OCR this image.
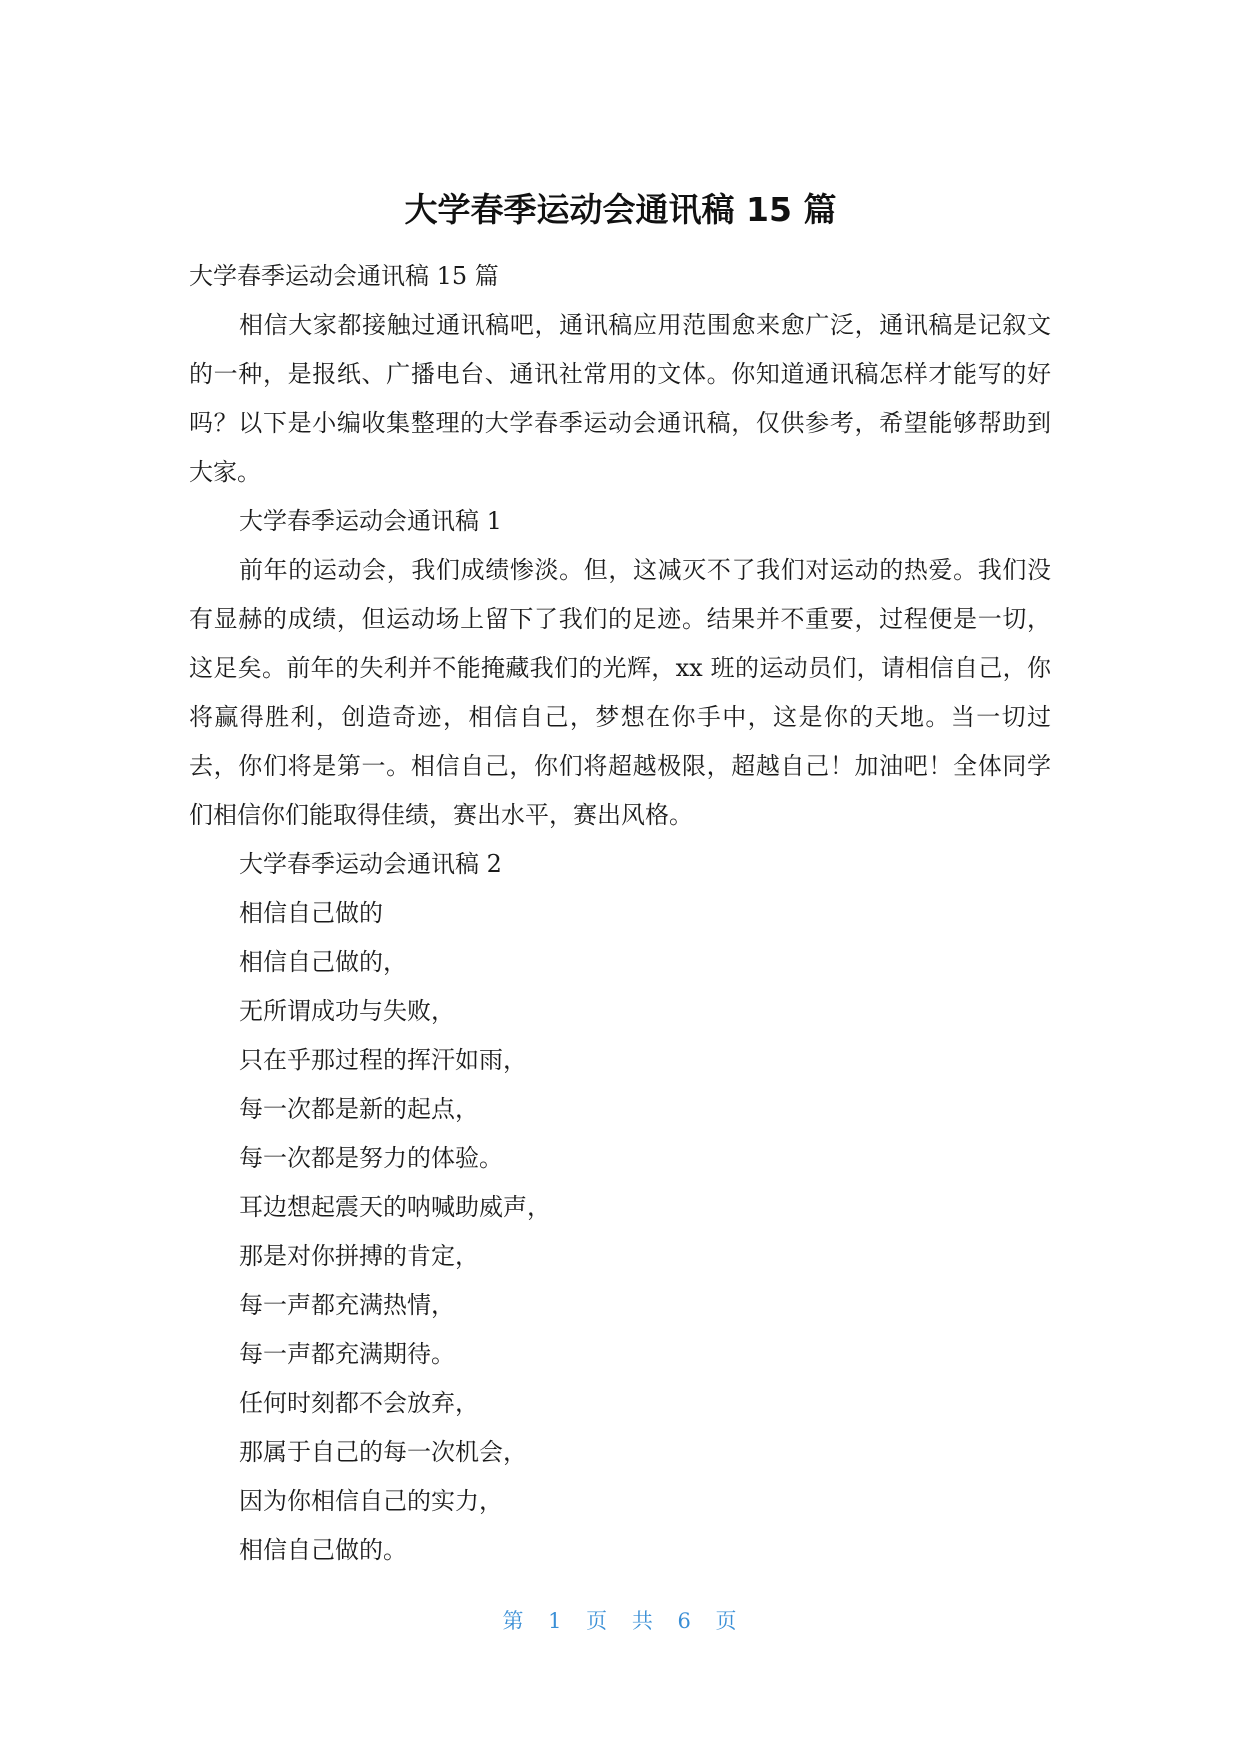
大学春季运动会通讯稿 15 篇

大学春季运动会通讯稿 15 篇

相信大家都接触过通讯稿吧，通讯稿应用范围愈来愈广泛，通讯稿是记叙文的一种，是报纸、广播电台、通讯社常用的文体。你知道通讯稿怎样才能写的好吗？以下是小编收集整理的大学春季运动会通讯稿，仅供参考，希望能够帮助到大家。

大学春季运动会通讯稿 1

前年的运动会，我们成绩惨淡。但，这减灭不了我们对运动的热爱。我们没有显赫的成绩，但运动场上留下了我们的足迹。结果并不重要，过程便是一切，这足矣。前年的失利并不能掩藏我们的光辉，xx 班的运动员们，请相信自己，你将赢得胜利，创造奇迹，相信自己，梦想在你手中，这是你的天地。当一切过去，你们将是第一。相信自己，你们将超越极限，超越自己！加油吧！全体同学们相信你们能取得佳绩，赛出水平，赛出风格。

大学春季运动会通讯稿 2

相信自己做的

相信自己做的，

无所谓成功与失败，

只在乎那过程的挥汗如雨，

每一次都是新的起点，

每一次都是努力的体验。

耳边想起震天的呐喊助威声，

那是对你拼搏的肯定，

每一声都充满热情，

每一声都充满期待。

任何时刻都不会放弃，

那属于自己的每一次机会，

因为你相信自己的实力，

相信自己做的。

第 1 页 共 6 页
